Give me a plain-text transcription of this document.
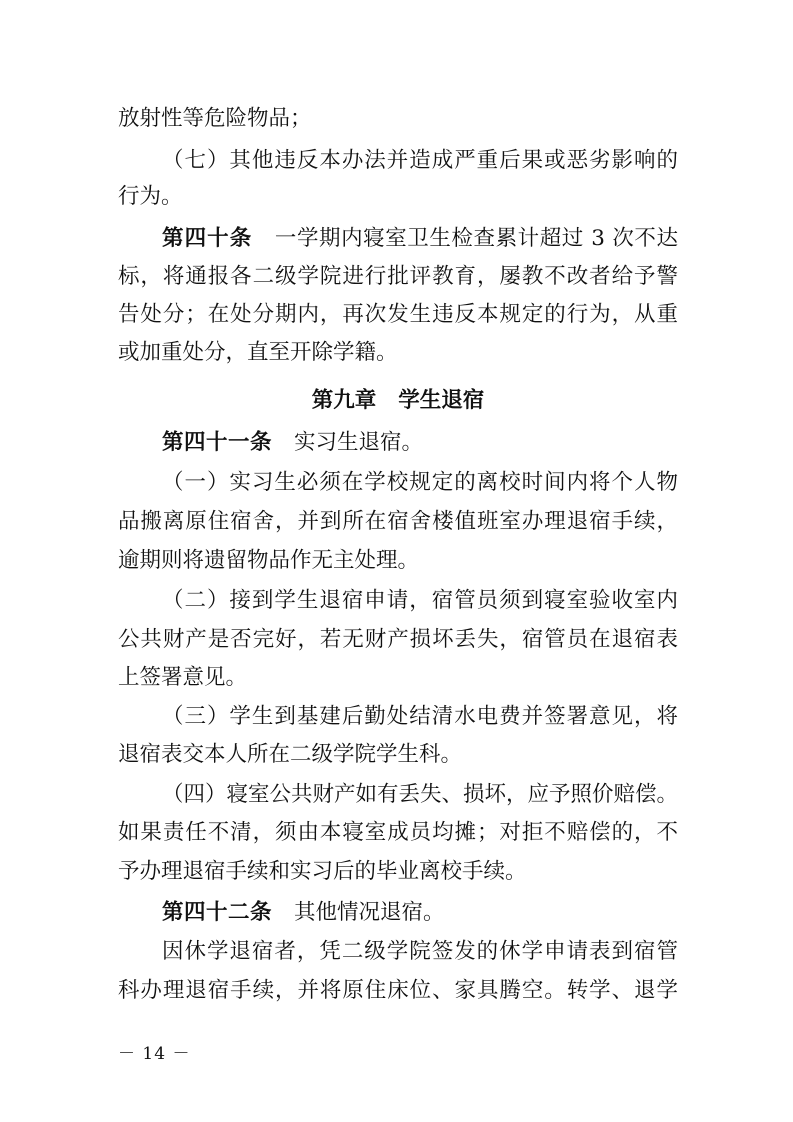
放射性等危险物品；
（七）其他违反本办法并造成严重后果或恶劣影响的
行为。
第四十条 一学期内寝室卫生检查累计超过 3 次不达
标，将通报各二级学院进行批评教育，屡教不改者给予警
告处分；在处分期内，再次发生违反本规定的行为，从重
或加重处分，直至开除学籍。
第九章 学生退宿
第四十一条 实习生退宿。
（一）实习生必须在学校规定的离校时间内将个人物
品搬离原住宿舍，并到所在宿舍楼值班室办理退宿手续，
逾期则将遗留物品作无主处理。
（二）接到学生退宿申请，宿管员须到寝室验收室内
公共财产是否完好，若无财产损坏丢失，宿管员在退宿表
上签署意见。
（三）学生到基建后勤处结清水电费并签署意见，将
退宿表交本人所在二级学院学生科。
（四）寝室公共财产如有丢失、损坏，应予照价赔偿。
如果责任不清，须由本寝室成员均摊；对拒不赔偿的，不
予办理退宿手续和实习后的毕业离校手续。
第四十二条 其他情况退宿。
因休学退宿者，凭二级学院签发的休学申请表到宿管
科办理退宿手续，并将原住床位、家具腾空。转学、退学
－ 14 －
